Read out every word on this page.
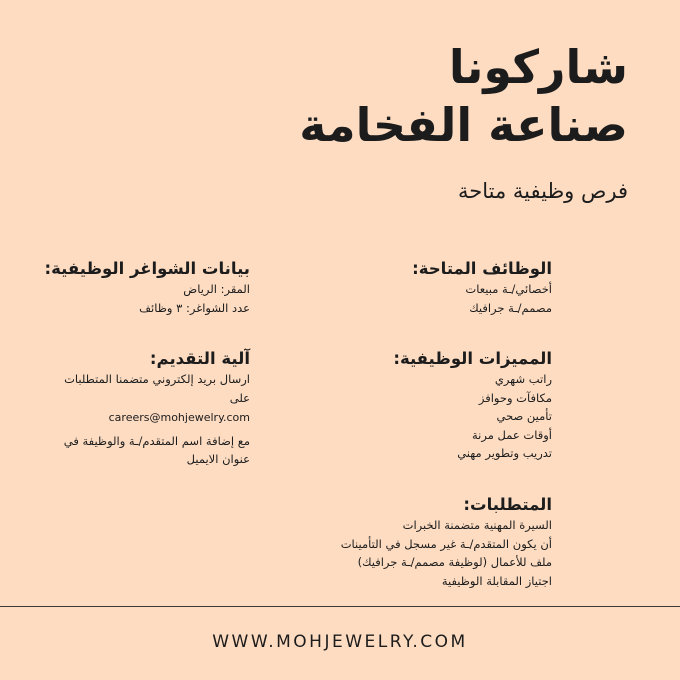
شاركونا
صناعة الفخامة
فرص وظيفية متاحة
الوظائف المتاحة:
أخصائي/ـة مبيعات
مصمم/ـة جرافيك
المميزات الوظيفية:
راتب شهري
مكافآت وحوافز
تأمين صحي
أوقات عمل مرنة
تدريب وتطوير مهني
المتطلبات:
السيرة المهنية متضمنة الخبرات
أن يكون المتقدم/ـة غير مسجل في التأمينات
ملف للأعمال (لوظيفة مصمم/ـة جرافيك)
اجتياز المقابلة الوظيفية
بيانات الشواغر الوظيفية:
المقر: الرياض
عدد الشواغر: ٣ وظائف
آلية التقديم:
ارسال بريد إلكتروني متضمنا المتطلبات
على
careers@mohjewelry.com
مع إضافة اسم المتقدم/ـة والوظيفة في
عنوان الايميل
WWW.MOHJEWELRY.COM
